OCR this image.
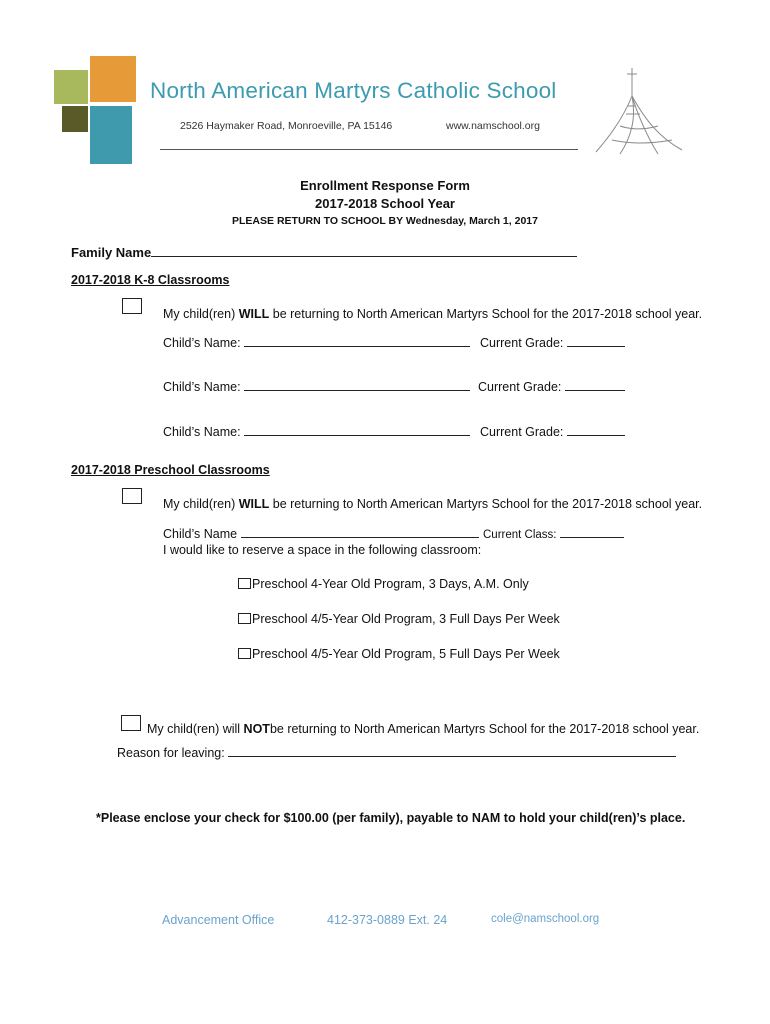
North American Martyrs Catholic School
2526 Haymaker Road, Monroeville, PA 15146	www.namschool.org
Enrollment Response Form
2017-2018 School Year
PLEASE RETURN TO SCHOOL BY Wednesday, March 1, 2017
Family Name
2017-2018 K-8 Classrooms
My child(ren) WILL be returning to North American Martyrs School for the 2017-2018 school year.
Child’s Name:	Current Grade:
Child’s Name:	Current Grade:
Child’s Name:	Current Grade:
2017-2018 Preschool Classrooms
My child(ren) WILL be returning to North American Martyrs School for the 2017-2018 school year.
Child’s Name	Current Class:
I would like to reserve a space in the following classroom:
Preschool 4-Year Old Program, 3 Days, A.M. Only
Preschool 4/5-Year Old Program, 3 Full Days Per Week
Preschool 4/5-Year Old Program, 5 Full Days Per Week
My child(ren) will NOTbe returning to North American Martyrs School for the 2017-2018 school year.
Reason for leaving:
*Please enclose your check for $100.00 (per family), payable to NAM to hold your child(ren)’s place.
Advancement Office	412-373-0889 Ext. 24	cole@namschool.org
